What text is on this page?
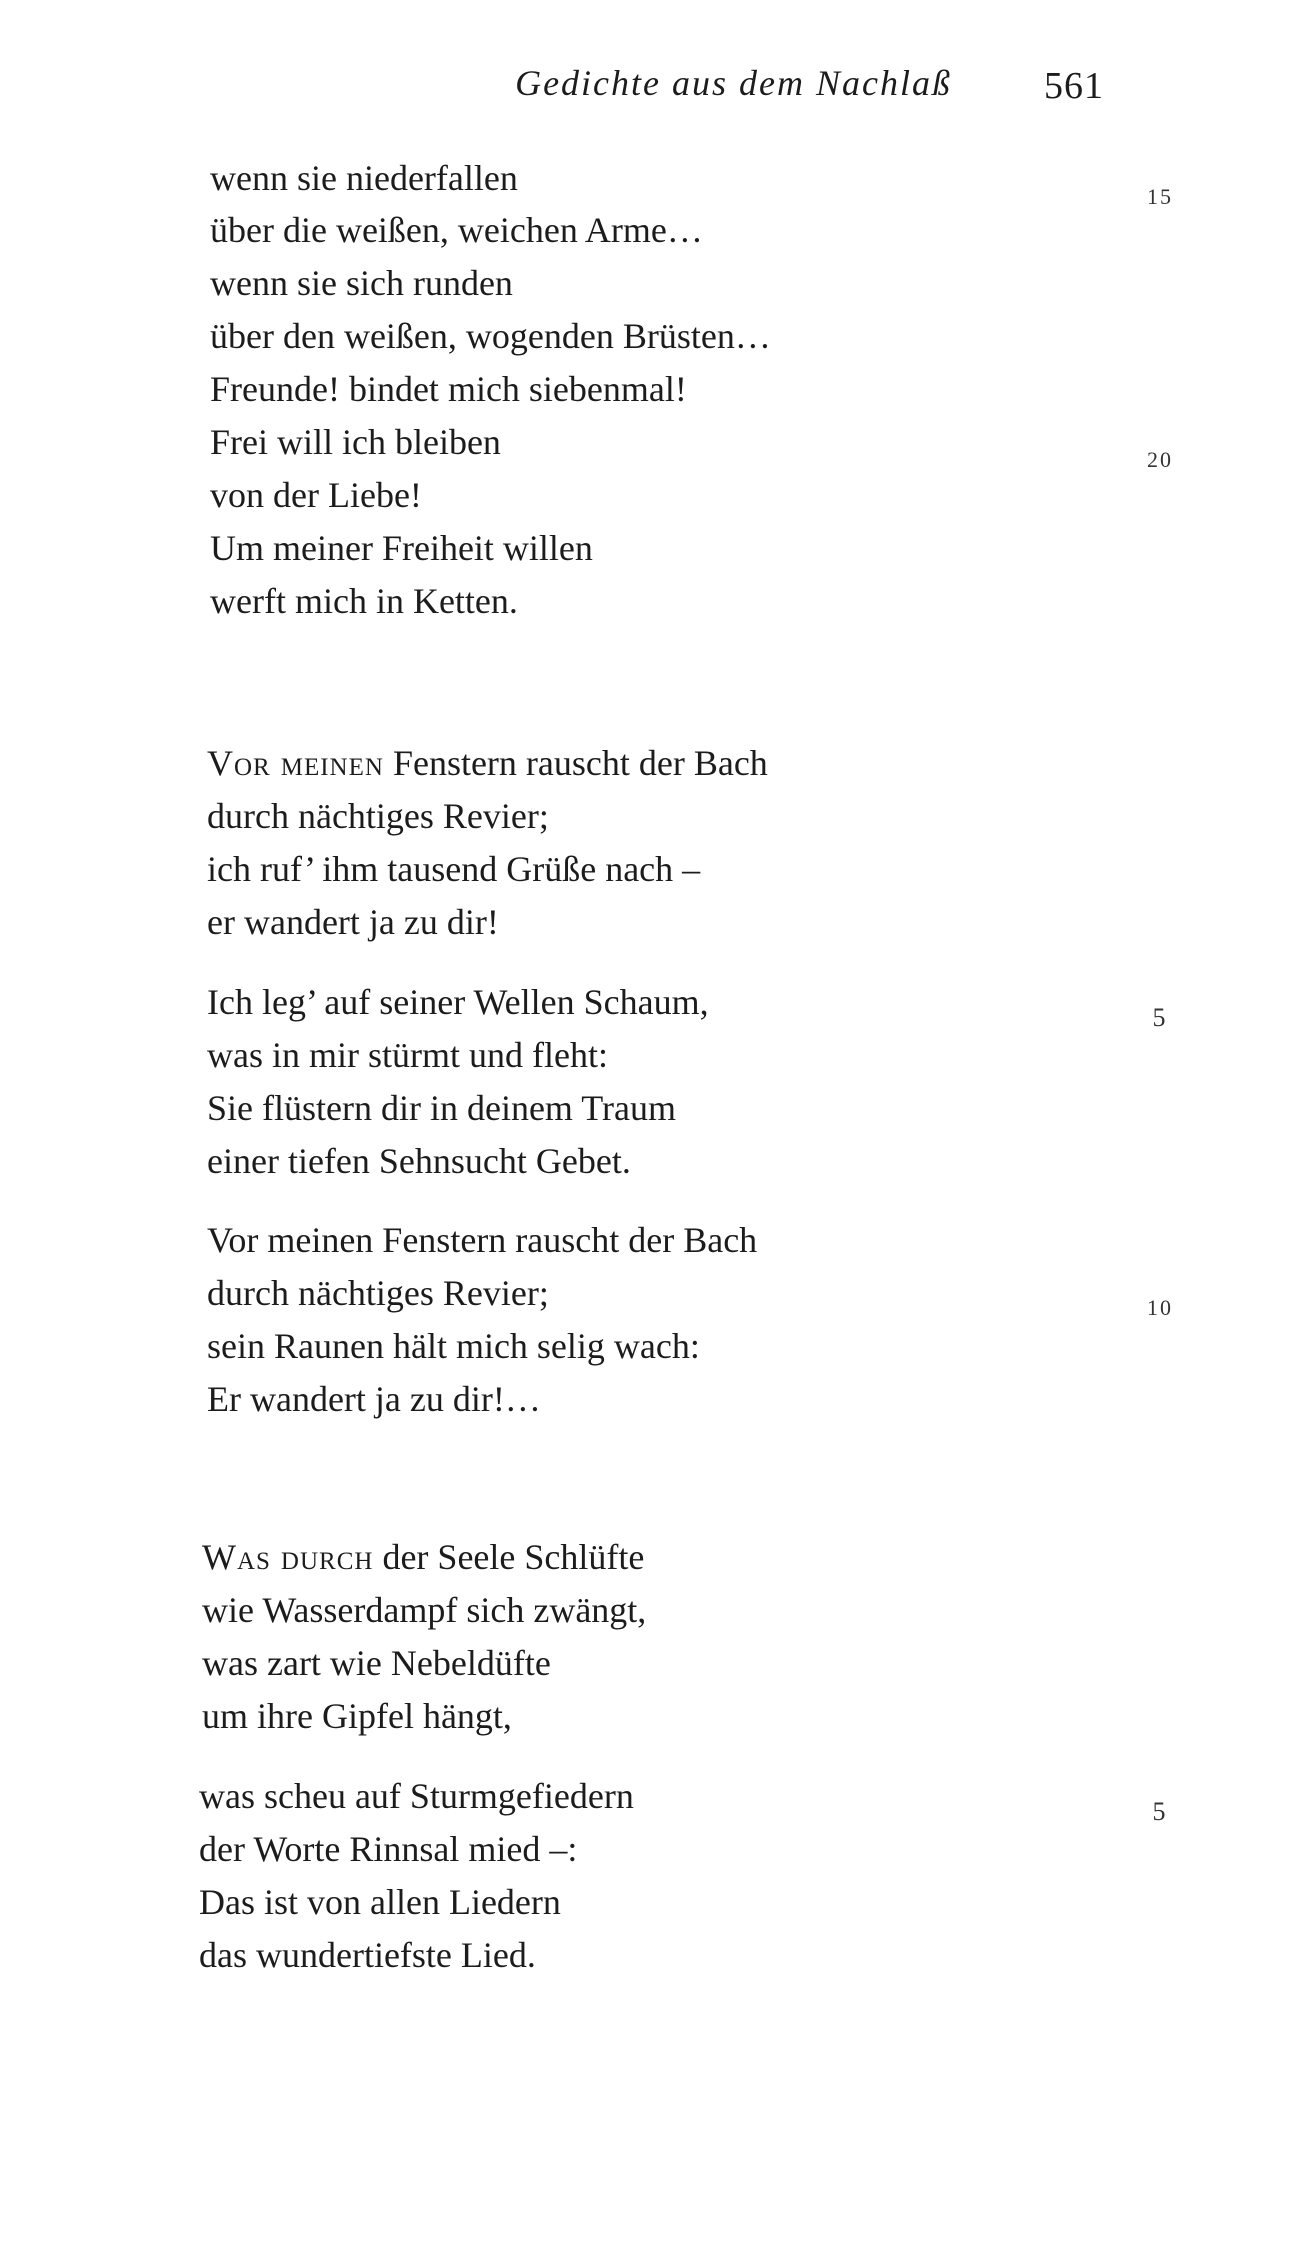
Gedichte aus dem Nachlaß 561
wenn sie niederfallen
über die weißen, weichen Arme…
wenn sie sich runden
über den weißen, wogenden Brüsten…
Freunde! bindet mich siebenmal!
Frei will ich bleiben
von der Liebe!
Um meiner Freiheit willen
werft mich in Ketten.
15
20
Vor meinen Fenstern rauscht der Bach
durch nächtiges Revier;
ich ruf’ ihm tausend Grüße nach –
er wandert ja zu dir!
Ich leg’ auf seiner Wellen Schaum,
was in mir stürmt und fleht:
Sie flüstern dir in deinem Traum
einer tiefen Sehnsucht Gebet.
Vor meinen Fenstern rauscht der Bach
durch nächtiges Revier;
sein Raunen hält mich selig wach:
Er wandert ja zu dir!…
5
10
Was durch der Seele Schlüfte
wie Wasserdampf sich zwängt,
was zart wie Nebeldüfte
um ihre Gipfel hängt,
was scheu auf Sturmgefiedern
der Worte Rinnsal mied –:
Das ist von allen Liedern
das wundertiefste Lied.
5
